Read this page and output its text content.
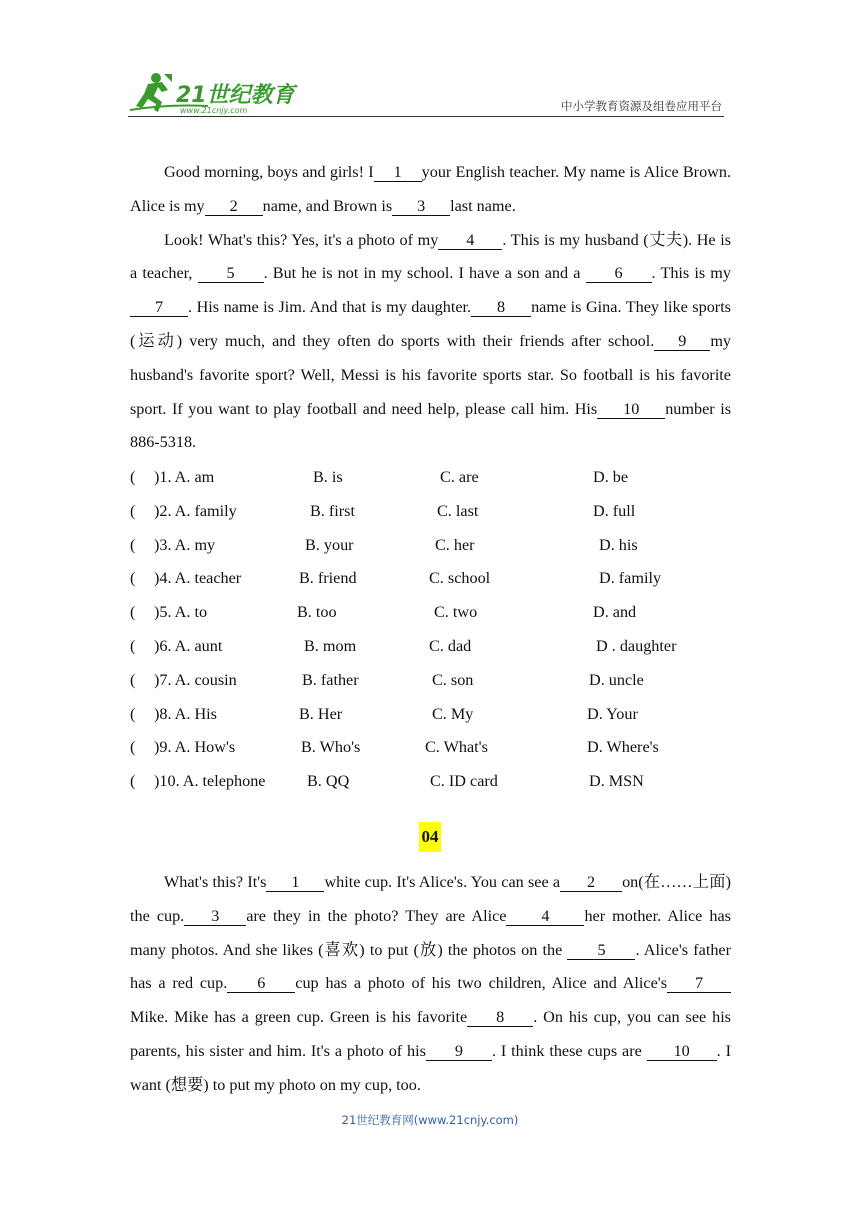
21世纪教育
www.21cnjy.com	中小学教育资源及组卷应用平台

Good morning, boys and girls! I 1 your English teacher. My name is Alice Brown. Alice is my 2 name, and Brown is 3 last name.

Look! What's this? Yes, it's a photo of my 4 . This is my husband (丈夫). He is a teacher, 5 . But he is not in my school. I have a son and a 6 . This is my7 . His name is Jim. And that is my daughter. 8 name is Gina. They like sports (运动) very much, and they often do sports with their friends after school. 9 my husband's favorite sport? Well, Messi is his favorite sports star. So football is his favorite sport. If you want to play football and need help, please call him. His 10 number is 886-5318.

( )1. A. am	B. is	C. are	D. be
( )2. A. family	B. first	C. last	D. full
( )3. A. my	B. your	C. her	D. his
( )4. A. teacher	B. friend	C. school	D. family
( )5. A. to	B. too	C. two	D. and
( )6. A. aunt	B. mom	C. dad	D . daughter
( )7. A. cousin	B. father	C. son	D. uncle
( )8. A. His	B. Her	C. My	D. Your
( )9. A. How's	B. Who's	C. What's	D. Where's
( )10. A. telephone	B. QQ	C. ID card	D. MSN
04

What's this? It's 1 white cup. It's Alice's. You can see a 2 on(在……上面) the cup. 3 are they in the photo? They are Alice 4 her mother. Alice has many photos. And she likes (喜欢) to put (放) the photos on the 5 . Alice's father has a red cup. 6 cup has a photo of his two children, Alice and Alice's 7 Mike. Mike has a green cup. Green is his favorite 8 . On his cup, you can see his parents, his sister and him. It's a photo of his 9 . I think these cups are 10 . I want (想要) to put my photo on my cup, too.

21世纪教育网(www.21cnjy.com)
